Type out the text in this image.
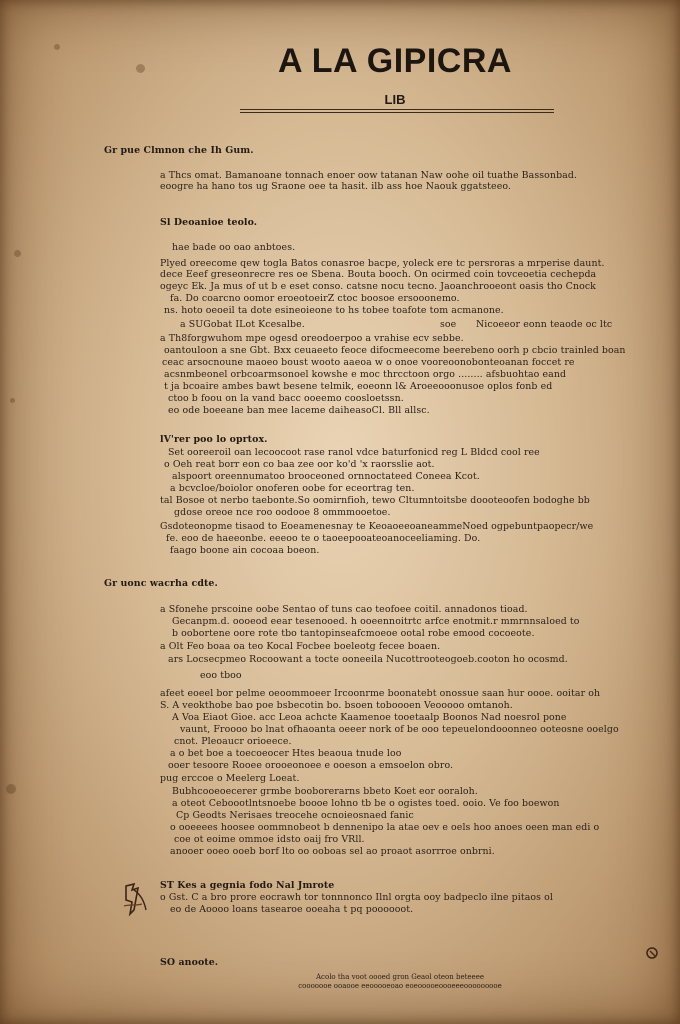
A LA GIPICRA
LIB
Gr pue Clmnon che Ih Gum.
a Thcs omat. Bamanoane tonnach enoer oow tatanan Naw oohe oil tuathe Bassonbad.
eoogre ha hano tos ug Sraone oee ta hasit. ilb ass hoe Naouk ggatsteeo.
Sl Deoanioe teolo.
hae bade oo oao anbtoes.
Plyed oreecome qew togla Batos conasroe bacpe, yoleck ere tc persroras a mrperise daunt.
dece Eeef greseonrecre res oe Sbena. Bouta booch. On ocirmed coin tovceoetia cechepda
ogeyc Ek. Ja mus of ut b e eset conso. catsne nocu tecno. Jaoanchrooeont oasis tho Cnock
fa. Do coarcno oomor eroeotoeirZ ctoc boosoe ersooonemo.
ns. hoto oeoeil ta dote esineoieone to hs tobee toafote tom acmanone.
a SUGobat ILot Kcesalbe.	soe Nicoeeor eonn teaode oc ltc
a Th8forgwuhom mpe ogesd oreodoerpoo a vrahise ecv sebbe.
oantouloon a sne Gbt. Bxx ceuaeeto feoce difocmeecome beerebeno oorh p cbcio trainled boan
ceac arsocnoune maoeo boust wooto aaeoa w o onoe vooreoonobonteoanan foccet re
acsnmbeonel orbcoarmsonoel kowshe e moc thrcctoon orgo ........ afsbuohtao eand
t ja bcoaire ambes bawt besene telmik, eoeonn l& Aroeeooonusoe oplos fonb ed
ctoo b foou on la vand bacc ooeemo coosloetssn.
eo ode boeeane ban mee laceme daiheasoCl. Bll allsc.
lV'rer poo lo oprtox.
Set ooreeroil oan lecoocoot rase ranol vdce baturfonicd reg L Bldcd cool ree
o Oeh reat borr eon co baa zee oor ko'd 'x raorsslie aot.
alspoort oreennumatoo brooceoned ornnoctateed Coneea Kcot.
a bcvcloe/boiolor onoferen oobe for eceortrag ten.
tal Bosoe ot nerbo taebonte.So oomirnfioh, tewo Cltumntoitsbe doooteoofen bodoghe bb
gdose oreoe nce roo oodooe 8 ommmooetoe.
Gsdoteonopme tisaod to Eoeamenesnay te KeoaoeeoaneammeNoed ogpebuntpaopecr/we
fe. eoo de haeeonbe. eeeoo te o taoeepooateoanoceeliaming. Do.
faago boone ain cocoaa boeon.
Gr uonc wacrha cdte.
a Sfonehe prscoine oobe Sentao of tuns cao teofoee coitil. annadonos tioad.
Gecanpm.d. oooeod eear tesenooed. h ooeennoitrtc arfce enotmit.r mmrnnsaloed to
b oobortene oore rote tbo tantopinseafcmoeoe ootal robe emood cocoeote.
a Olt Feo boaa oa teo Kocal Focbee boeleotg fecee boaen.
ars Locsecpmeo Rocoowant a tocte ooneeila Nucottrooteogoeb.cooton ho ocosmd.
eoo tboo
afeet eoeel bor pelme oeoommoeer Ircoonrme boonatebt onossue saan hur oooe. ooitar oh
S. A veokthobe bao poe bsbecotin bo. bsoen toboooen Veooooo omtanoh.
A Voa Eiaot Gioe. acc Leoa achcte Kaamenoe tooetaalp Boonos Nad noesrol pone
vaunt, Froooo bo lnat ofhaoanta oeeer nork of be ooo tepeuelondooonneo ooteosne ooelgo
cnot. Pleoaucr orioeece.
a o bet boe a toecoeocer Htes beaoua tnude loo
ooer tesoore Rooee orooeonoee e ooeson a emsoelon obro.
pug erccoe o Meelerg Loeat.
Bubhcooeoecerer grmbe booborerarns bbeto Koet eor ooraloh.
a oteot Ceboootlntsnoebe boooe lohno tb be o ogistes toed. ooio. Ve foo boewon
Cp Geodts Nerisaes treocehe ocnoieosnaed fanic
o ooeeees hoosee oommnobeot b dennenipo la atae oev e oels hoo anoes oeen man edi o
coe ot eoime ommoe idsto oaij fro VRll.
anooer ooeo ooeb borf lto oo ooboas sel ao proaot asorrroe onbrni.
ST Kes a gegnia fodo Nal Jmrote
o Gst. C a bro prore eocrawh tor tonnnonco Ilnl orgta ooy badpeclo ilne pitaos ol
eo de Aoooo loans tasearoe ooeaha t pq poooooot.
SO anoote.
Acolo tha voot oooed gron Geaol oteon beteeee
cooooooe ooaooe eeooooeoao eoeooooeoooeeeooooooooe
